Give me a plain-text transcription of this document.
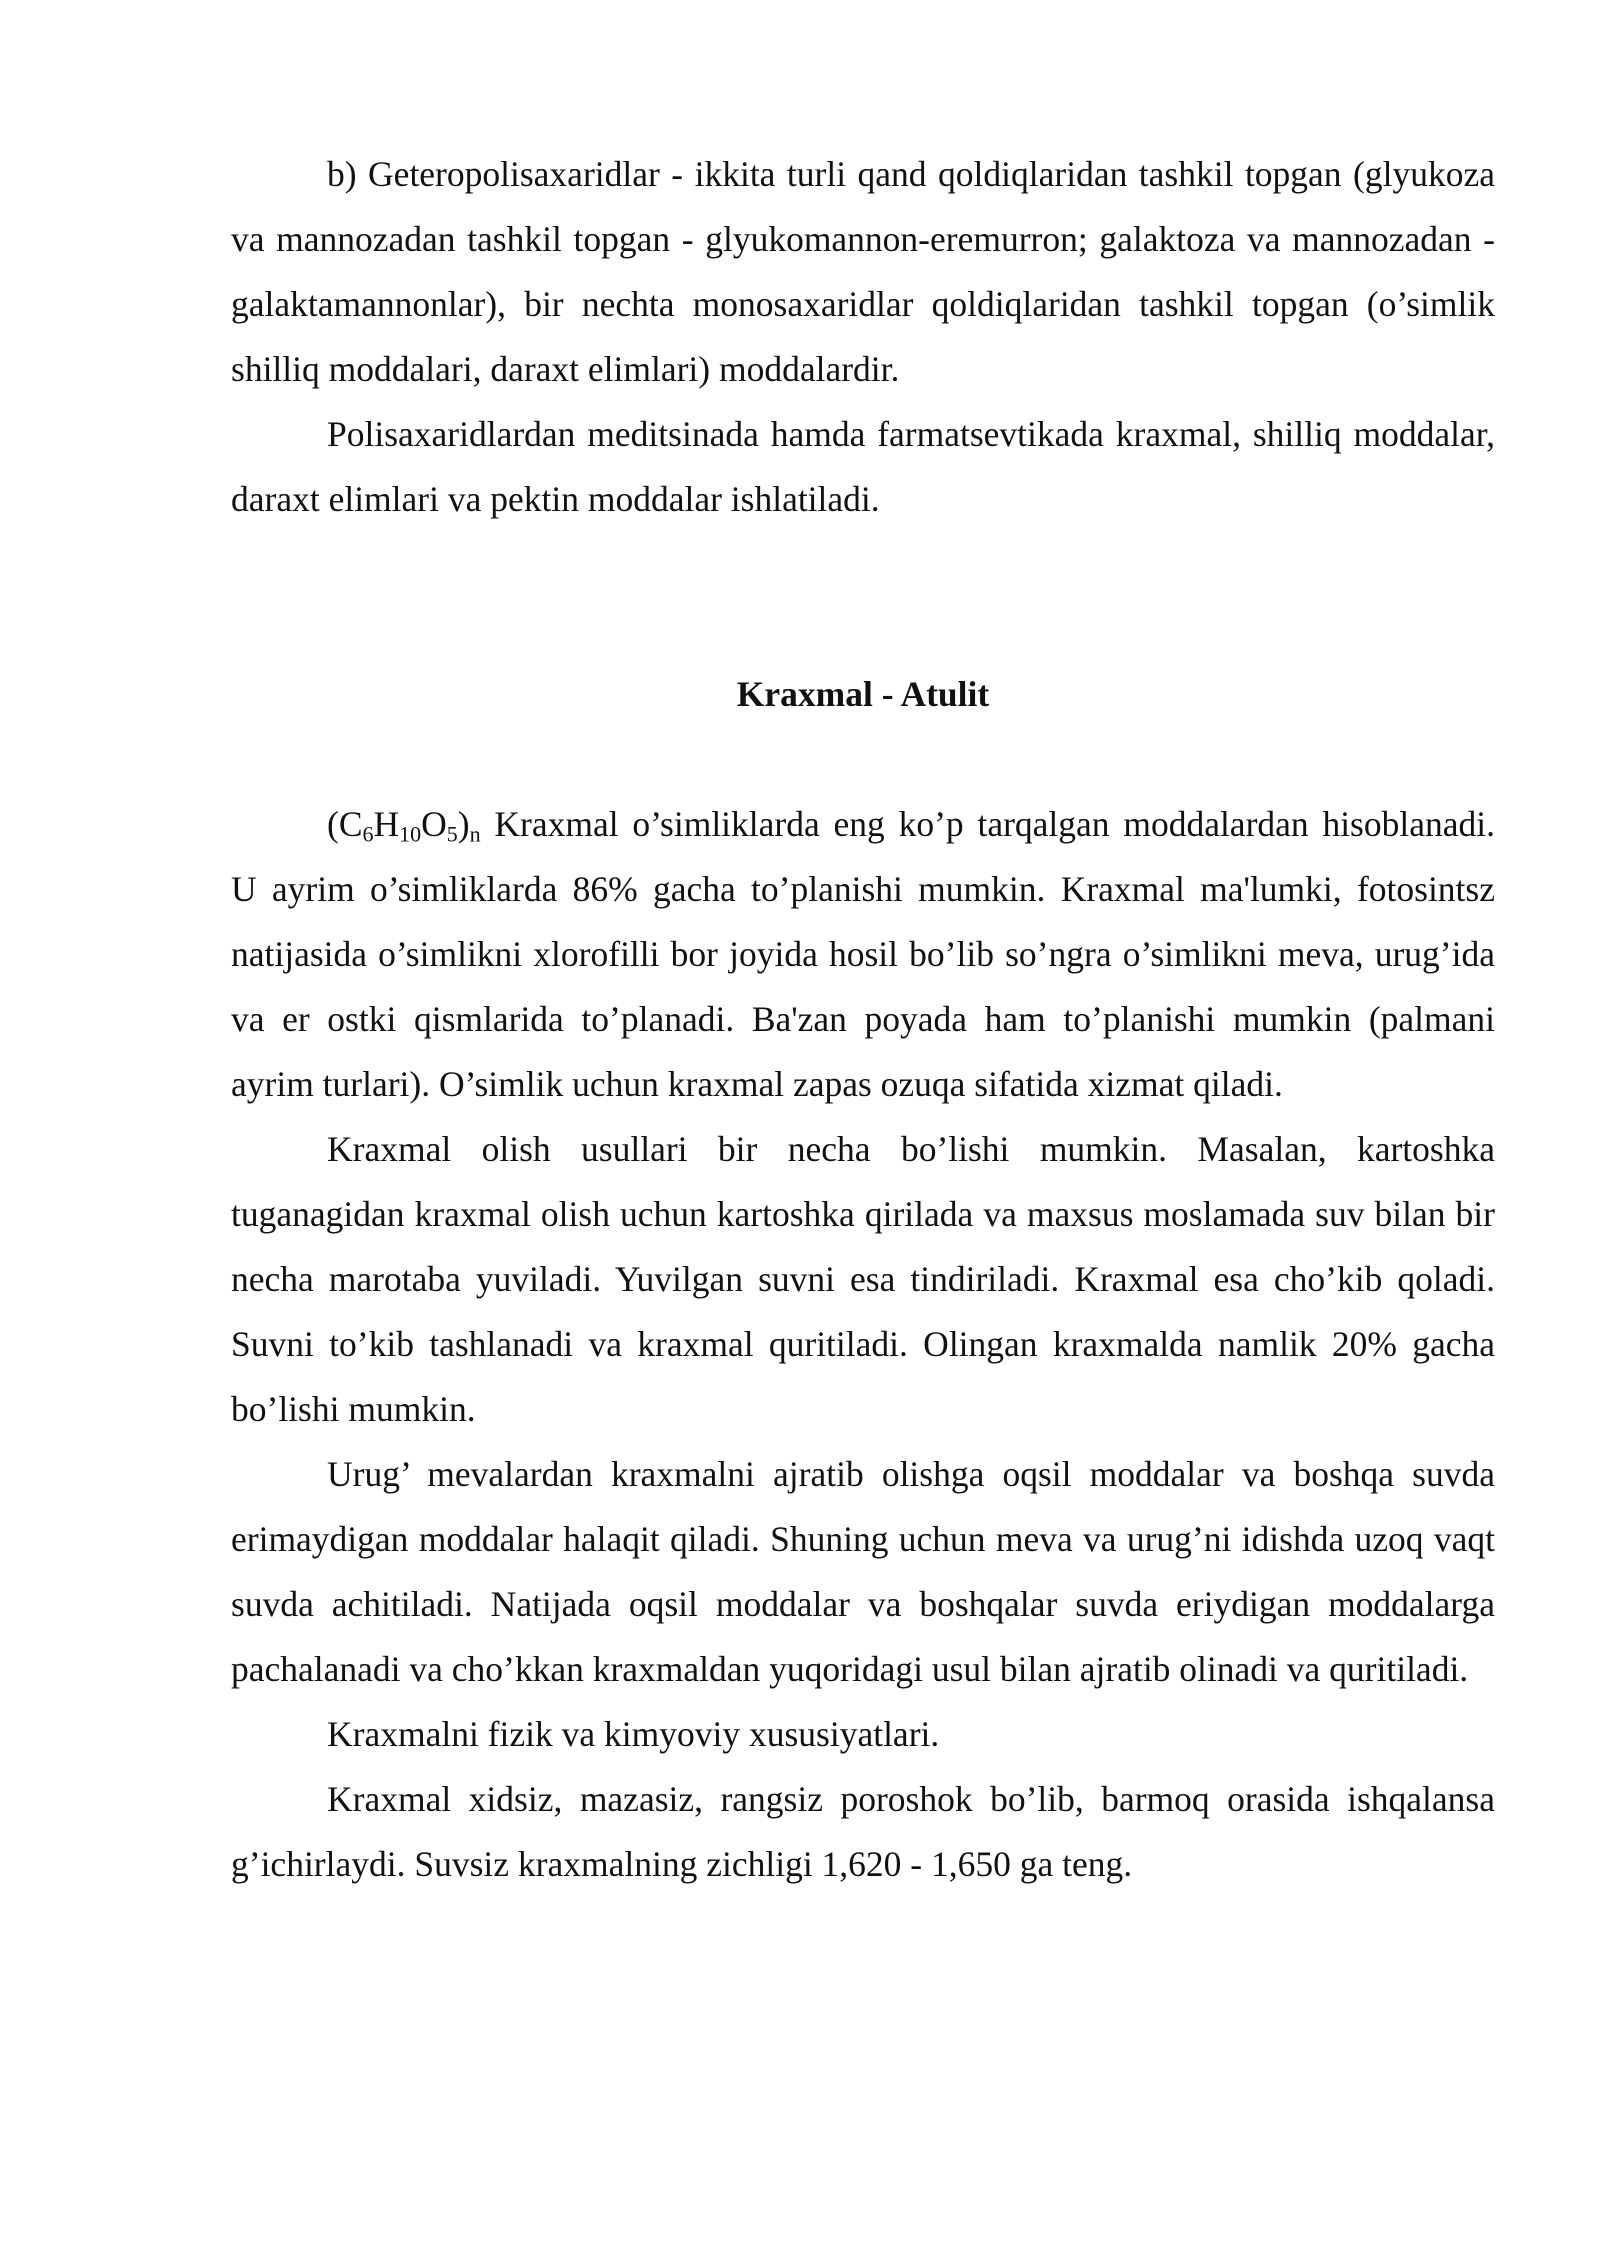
b) Geteropolisaxaridlar - ikkita turli qand qoldiqlaridan tashkil topgan (glyukoza va mannozadan tashkil topgan - glyukomannon-eremurron; galaktoza va mannozadan - galaktamannonlar), bir nechta monosaxaridlar qoldiqlaridan tashkil topgan (o’simlik shilliq moddalari, daraxt elimlari) moddalardir.

Polisaxaridlardan meditsinada hamda farmatsevtikada kraxmal, shilliq moddalar, daraxt elimlari va pektin moddalar ishlatiladi.

Kraxmal - Atulit

$(C_6H_{10}O_5)_n$ Kraxmal o’simliklarda eng ko’p tarqalgan moddalardan hisoblanadi. U ayrim o’simliklarda 86% gacha to’planishi mumkin. Kraxmal ma'lumki, fotosintsz natijasida o’simlikni xlorofilli bor joyida hosil bo’lib so’ngra o’simlikni meva, urug’ida va er ostki qismlarida to’planadi. Ba'zan poyada ham to’planishi mumkin (palmani ayrim turlari). O’simlik uchun kraxmal zapas ozuqa sifatida xizmat qiladi.

Kraxmal olish usullari bir necha bo’lishi mumkin. Masalan, kartoshka tuganagidan kraxmal olish uchun kartoshka qirilada va maxsus moslamada suv bilan bir necha marotaba yuviladi. Yuvilgan suvni esa tindiriladi. Kraxmal esa cho’kib qoladi. Suvni to’kib tashlanadi va kraxmal quritiladi. Olingan kraxmalda namlik 20% gacha bo’lishi mumkin.

Urug’ mevalardan kraxmalni ajratib olishga oqsil moddalar va boshqa suvda erimaydigan moddalar halaqit qiladi. Shuning uchun meva va urug’ni idishda uzoq vaqt suvda achitiladi. Natijada oqsil moddalar va boshqalar suvda eriydigan moddalarga pachalanadi va cho’kkan kraxmaldan yuqoridagi usul bilan ajratib olinadi va quritiladi.

Kraxmalni fizik va kimyoviy xususiyatlari.

Kraxmal xidsiz, mazasiz, rangsiz poroshok bo’lib, barmoq orasida ishqalansa g’ichirlaydi. Suvsiz kraxmalning zichligi 1,620 - 1,650 ga teng.
